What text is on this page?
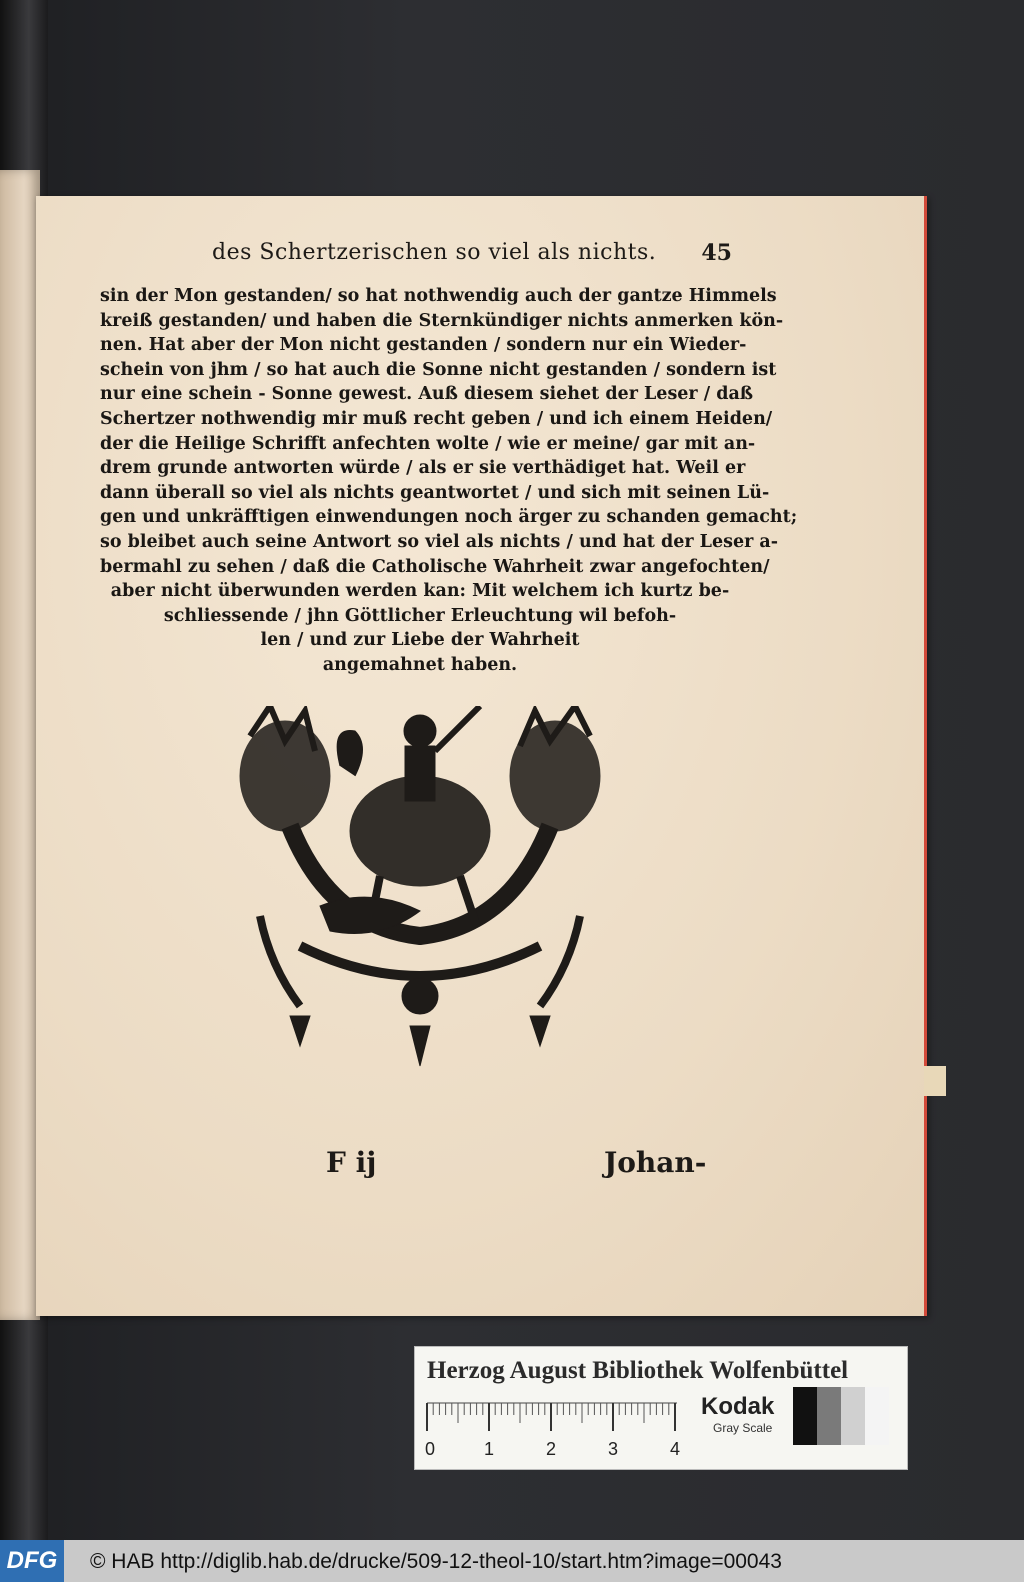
des Schertzerischen so viel als nichts. 45
sin der Mon gestanden/ so hat nothwendig auch der gantze Himmels
kreiß gestanden/ und haben die Sternkündiger nichts anmerken kön-
nen. Hat aber der Mon nicht gestanden / sondern nur ein Wieder-
schein von jhm / so hat auch die Sonne nicht gestanden / sondern ist
nur eine schein - Sonne gewest. Auß diesem siehet der Leser / daß
Schertzer nothwendig mir muß recht geben / und ich einem Heiden/
der die Heilige Schrifft anfechten wolte / wie er meine/ gar mit an-
drem grunde antworten würde / als er sie verthädiget hat. Weil er
dann überall so viel als nichts geantwortet / und sich mit seinen Lü-
gen und unkräfftigen einwendungen noch ärger zu schanden gemacht;
so bleibet auch seine Antwort so viel als nichts / und hat der Leser a-
bermahl zu sehen / daß die Catholische Wahrheit zwar angefochten/
aber nicht überwunden werden kan: Mit welchem ich kurtz be-
schliessende / jhn Göttlicher Erleuchtung wil befoh-
len / und zur Liebe der Wahrheit
angemahnet haben.
F ij	Johan-
Herzog August Bibliothek Wolfenbüttel
0	1	2	3	4
Kodak
Gray Scale
DFG	© HAB http://diglib.hab.de/drucke/509-12-theol-10/start.htm?image=00043
